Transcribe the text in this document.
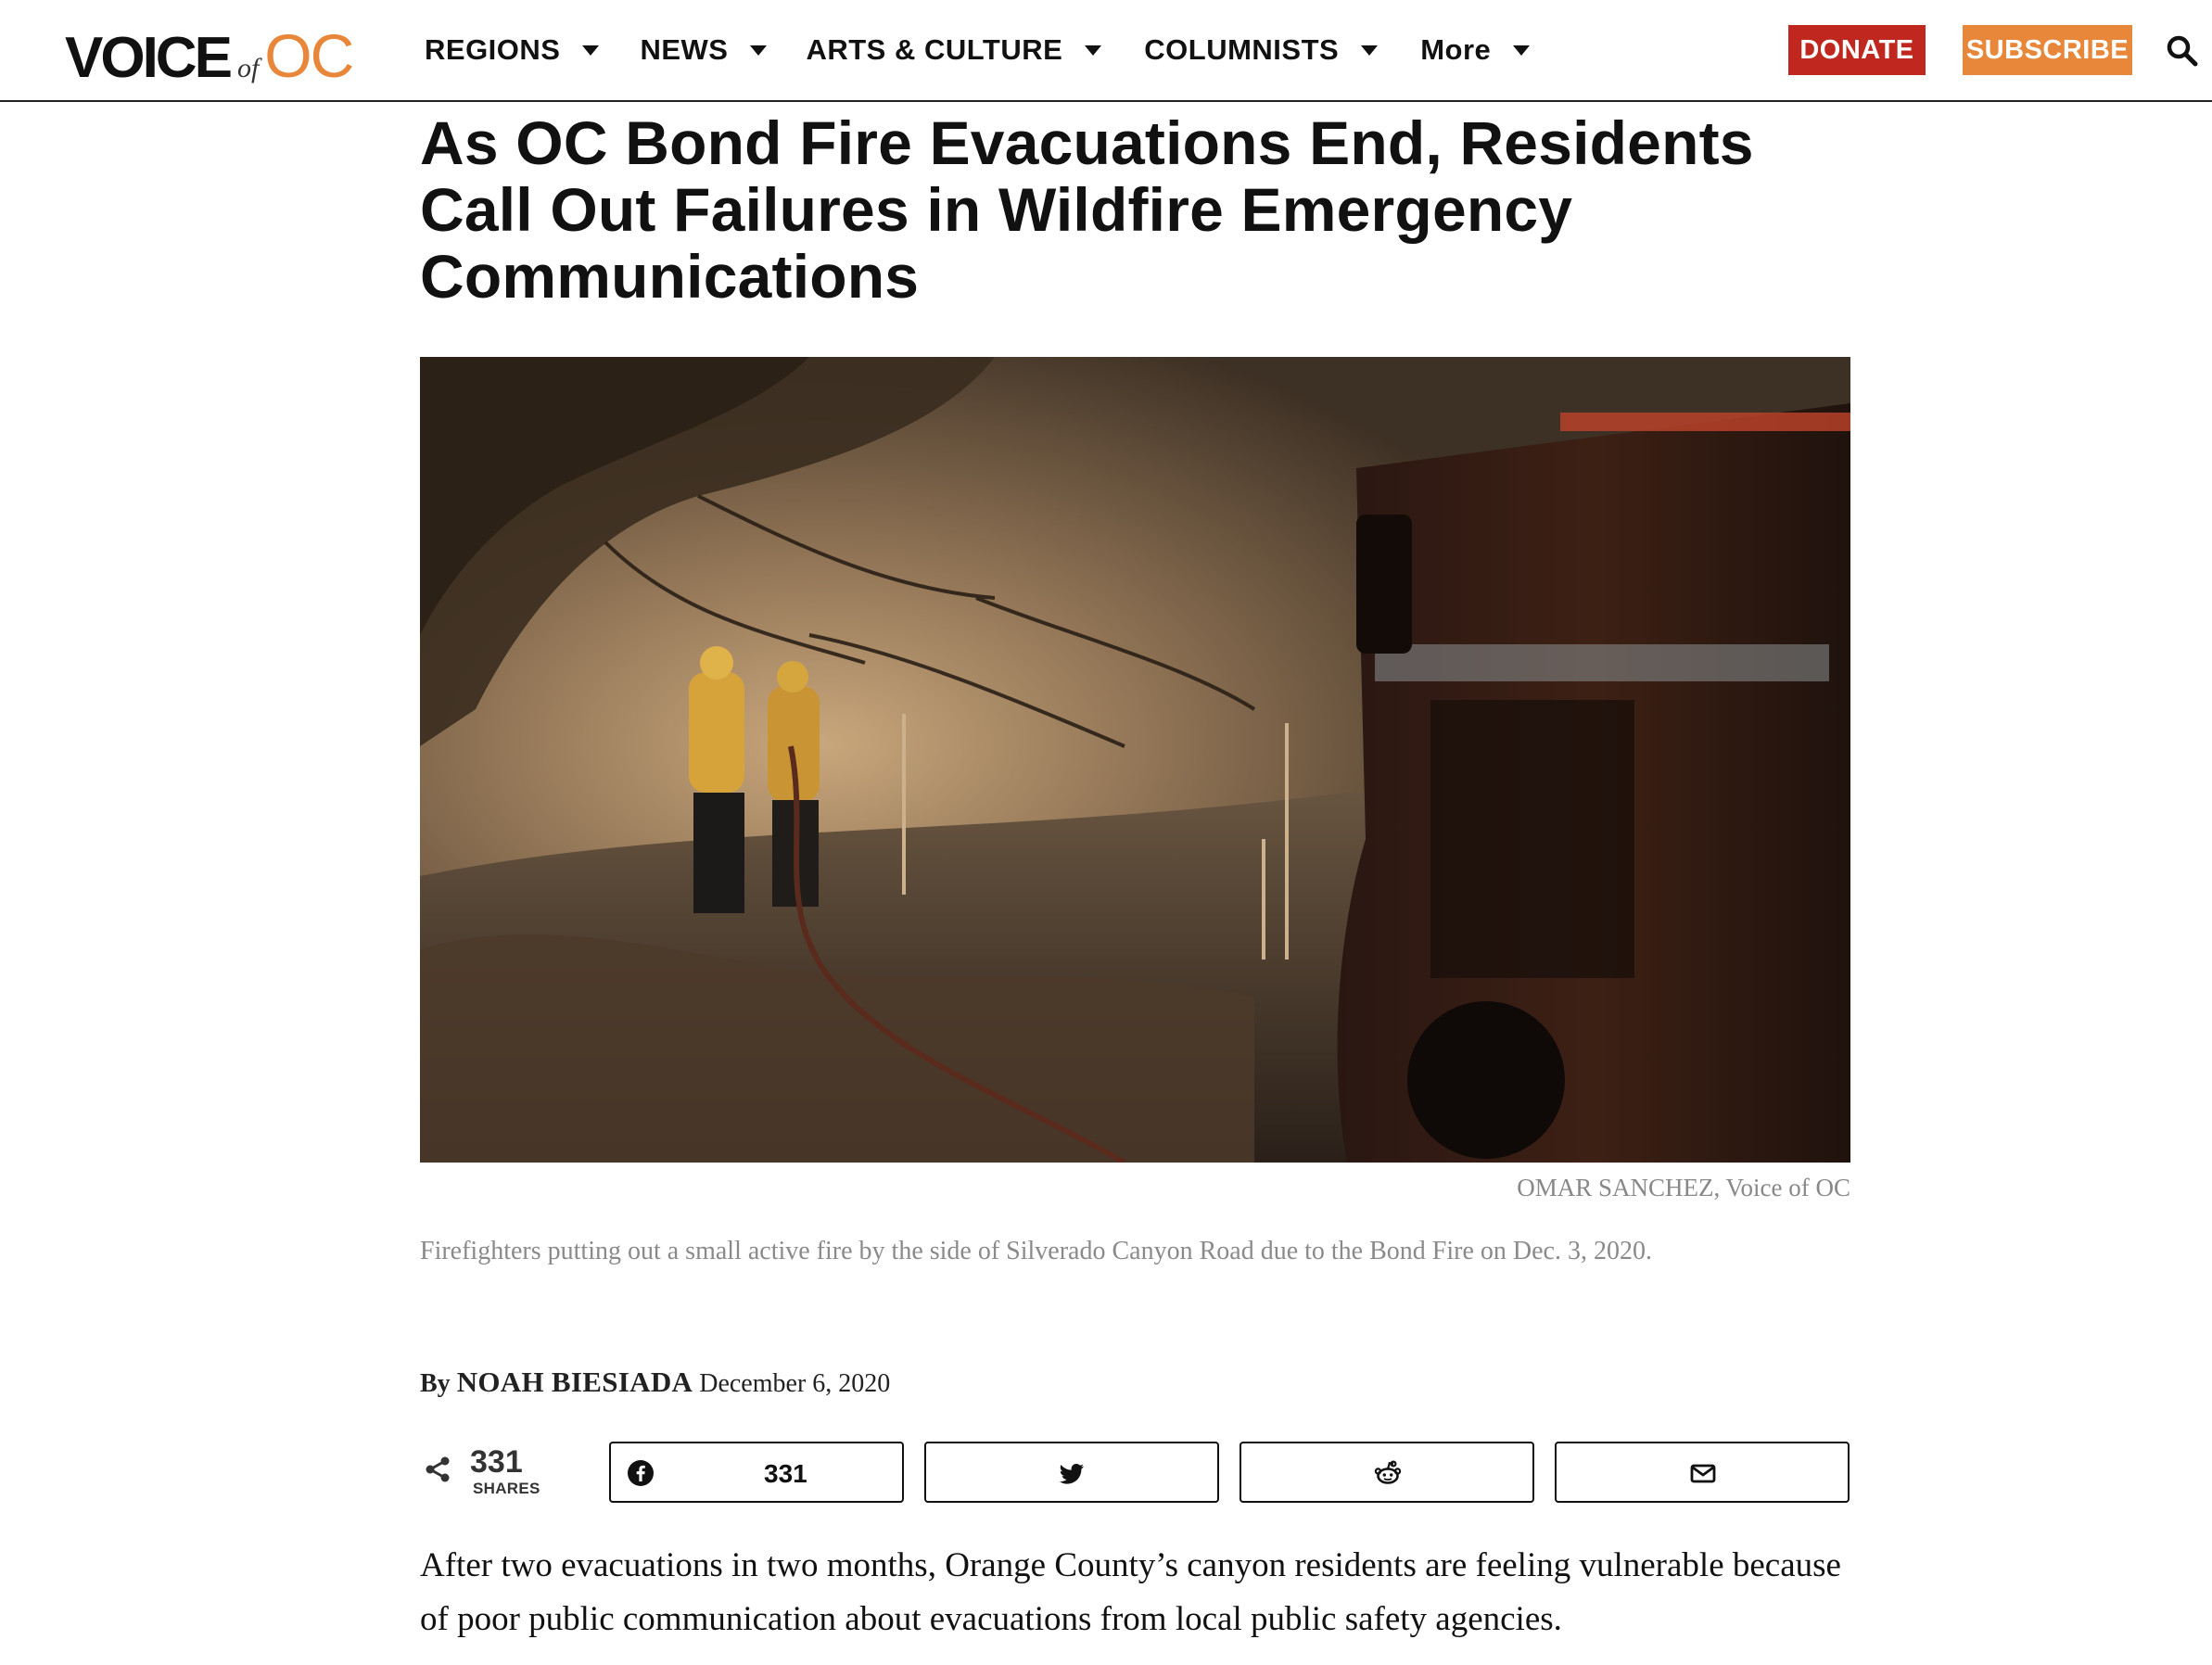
VOICE of OC	REGIONS	NEWS	ARTS & CULTURE	COLUMNISTS	More	DONATE	SUBSCRIBE
As OC Bond Fire Evacuations End, Residents Call Out Failures in Wildfire Emergency Communications
OMAR SANCHEZ, Voice of OC
Firefighters putting out a small active fire by the side of Silverado Canyon Road due to the Bond Fire on Dec. 3, 2020.
By NOAH BIESIADA December 6, 2020
331
SHARES
331

After two evacuations in two months, Orange County’s canyon residents are feeling vulnerable because of poor public communication about evacuations from local public safety agencies.
